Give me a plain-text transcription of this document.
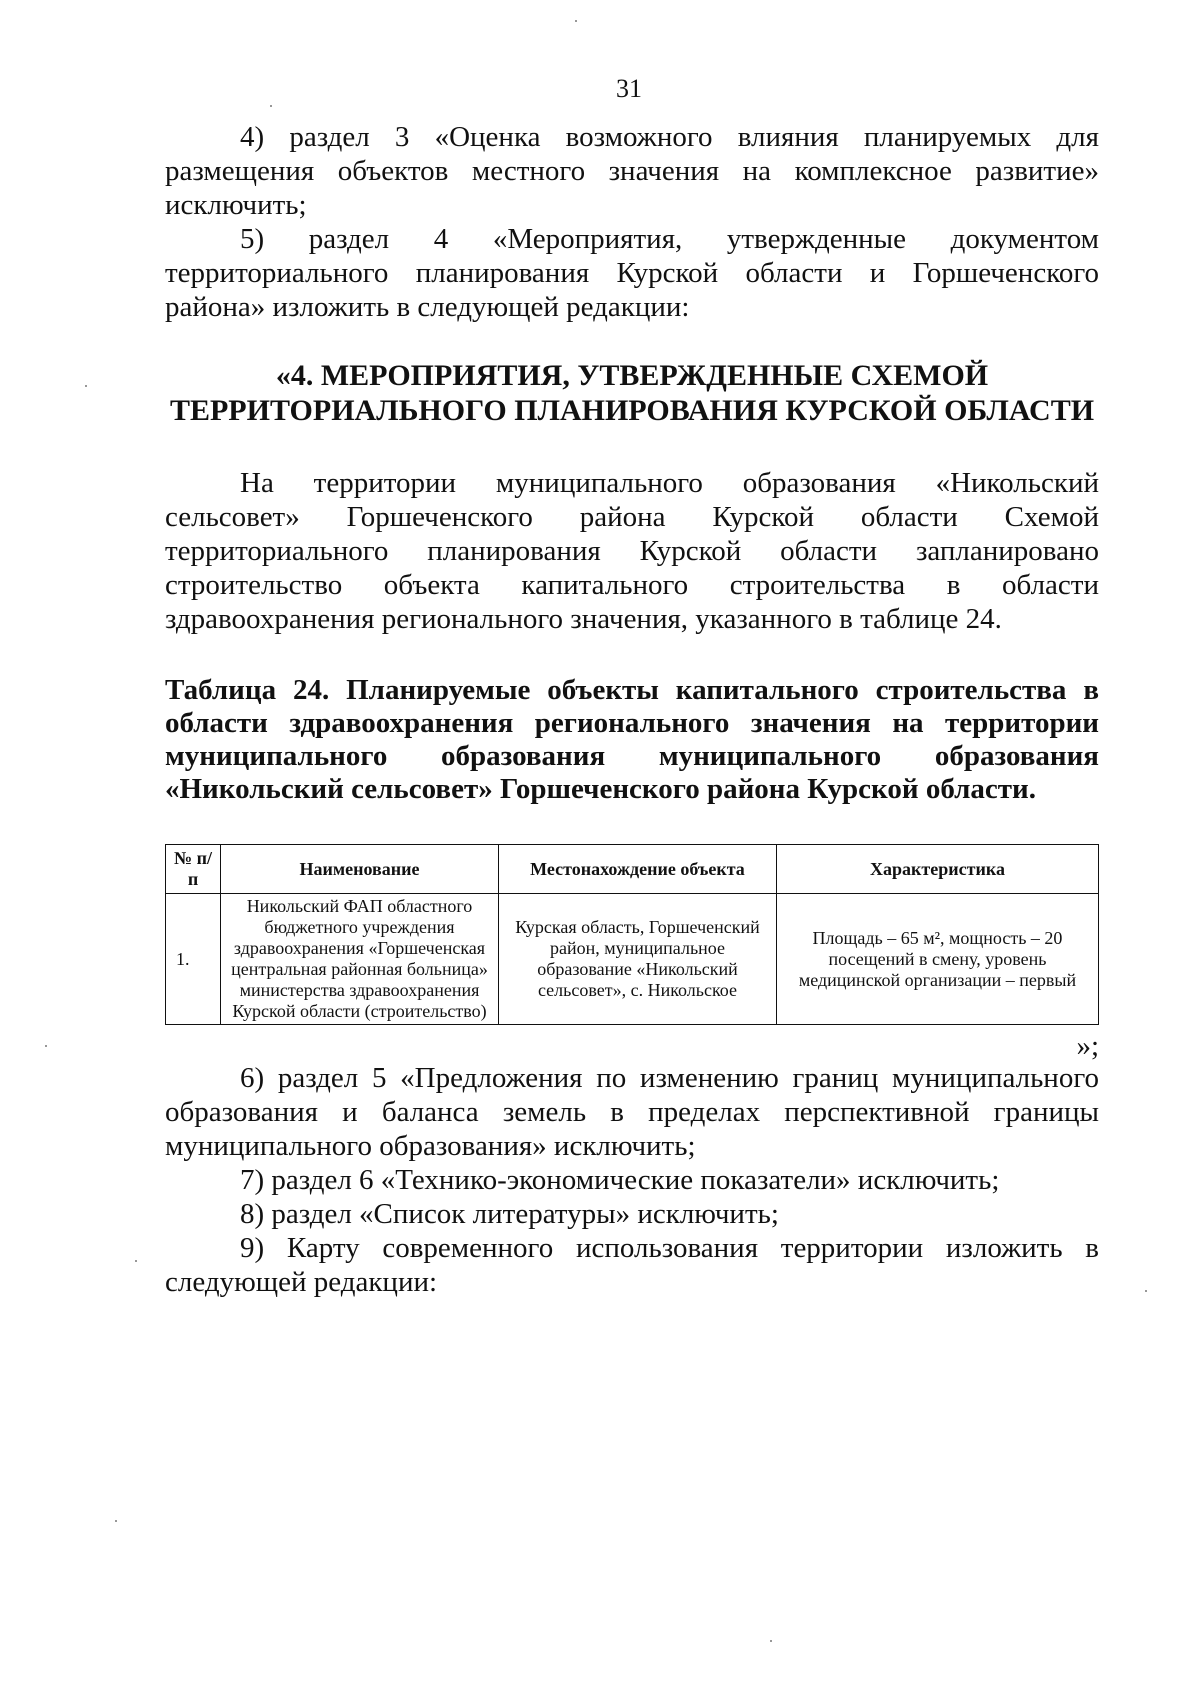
31

4) раздел 3 «Оценка возможного влияния планируемых для размещения объектов местного значения на комплексное развитие» исключить;

5) раздел 4 «Мероприятия, утвержденные документом территориального планирования Курской области и Горшеченского района» изложить в следующей редакции:

«4. МЕРОПРИЯТИЯ, УТВЕРЖДЕННЫЕ СХЕМОЙ ТЕРРИТОРИАЛЬНОГО ПЛАНИРОВАНИЯ КУРСКОЙ ОБЛАСТИ

На территории муниципального образования «Никольский сельсовет» Горшеченского района Курской области Схемой территориального планирования Курской области запланировано строительство объекта капитального строительства в области здравоохранения регионального значения, указанного в таблице 24.

Таблица 24. Планируемые объекты капитального строительства в области здравоохранения регионального значения на территории муниципального образования муниципального образования «Никольский сельсовет» Горшеченского района Курской области.
№ п/п	Наименование	Местонахождение объекта	Характеристика
1.	Никольский ФАП областного бюджетного учреждения здравоохранения «Горшеченская центральная районная больница» министерства здравоохранения Курской области (строительство)	Курская область, Горшеченский район, муниципальное образование «Никольский сельсовет», с. Никольское	Площадь – 65 м², мощность – 20 посещений в смену, уровень медицинской организации – первый
»;

6) раздел 5 «Предложения по изменению границ муниципального образования и баланса земель в пределах перспективной границы муниципального образования» исключить;

7) раздел 6 «Технико-экономические показатели» исключить;

8) раздел «Список литературы» исключить;

9) Карту современного использования территории изложить в следующей редакции:
